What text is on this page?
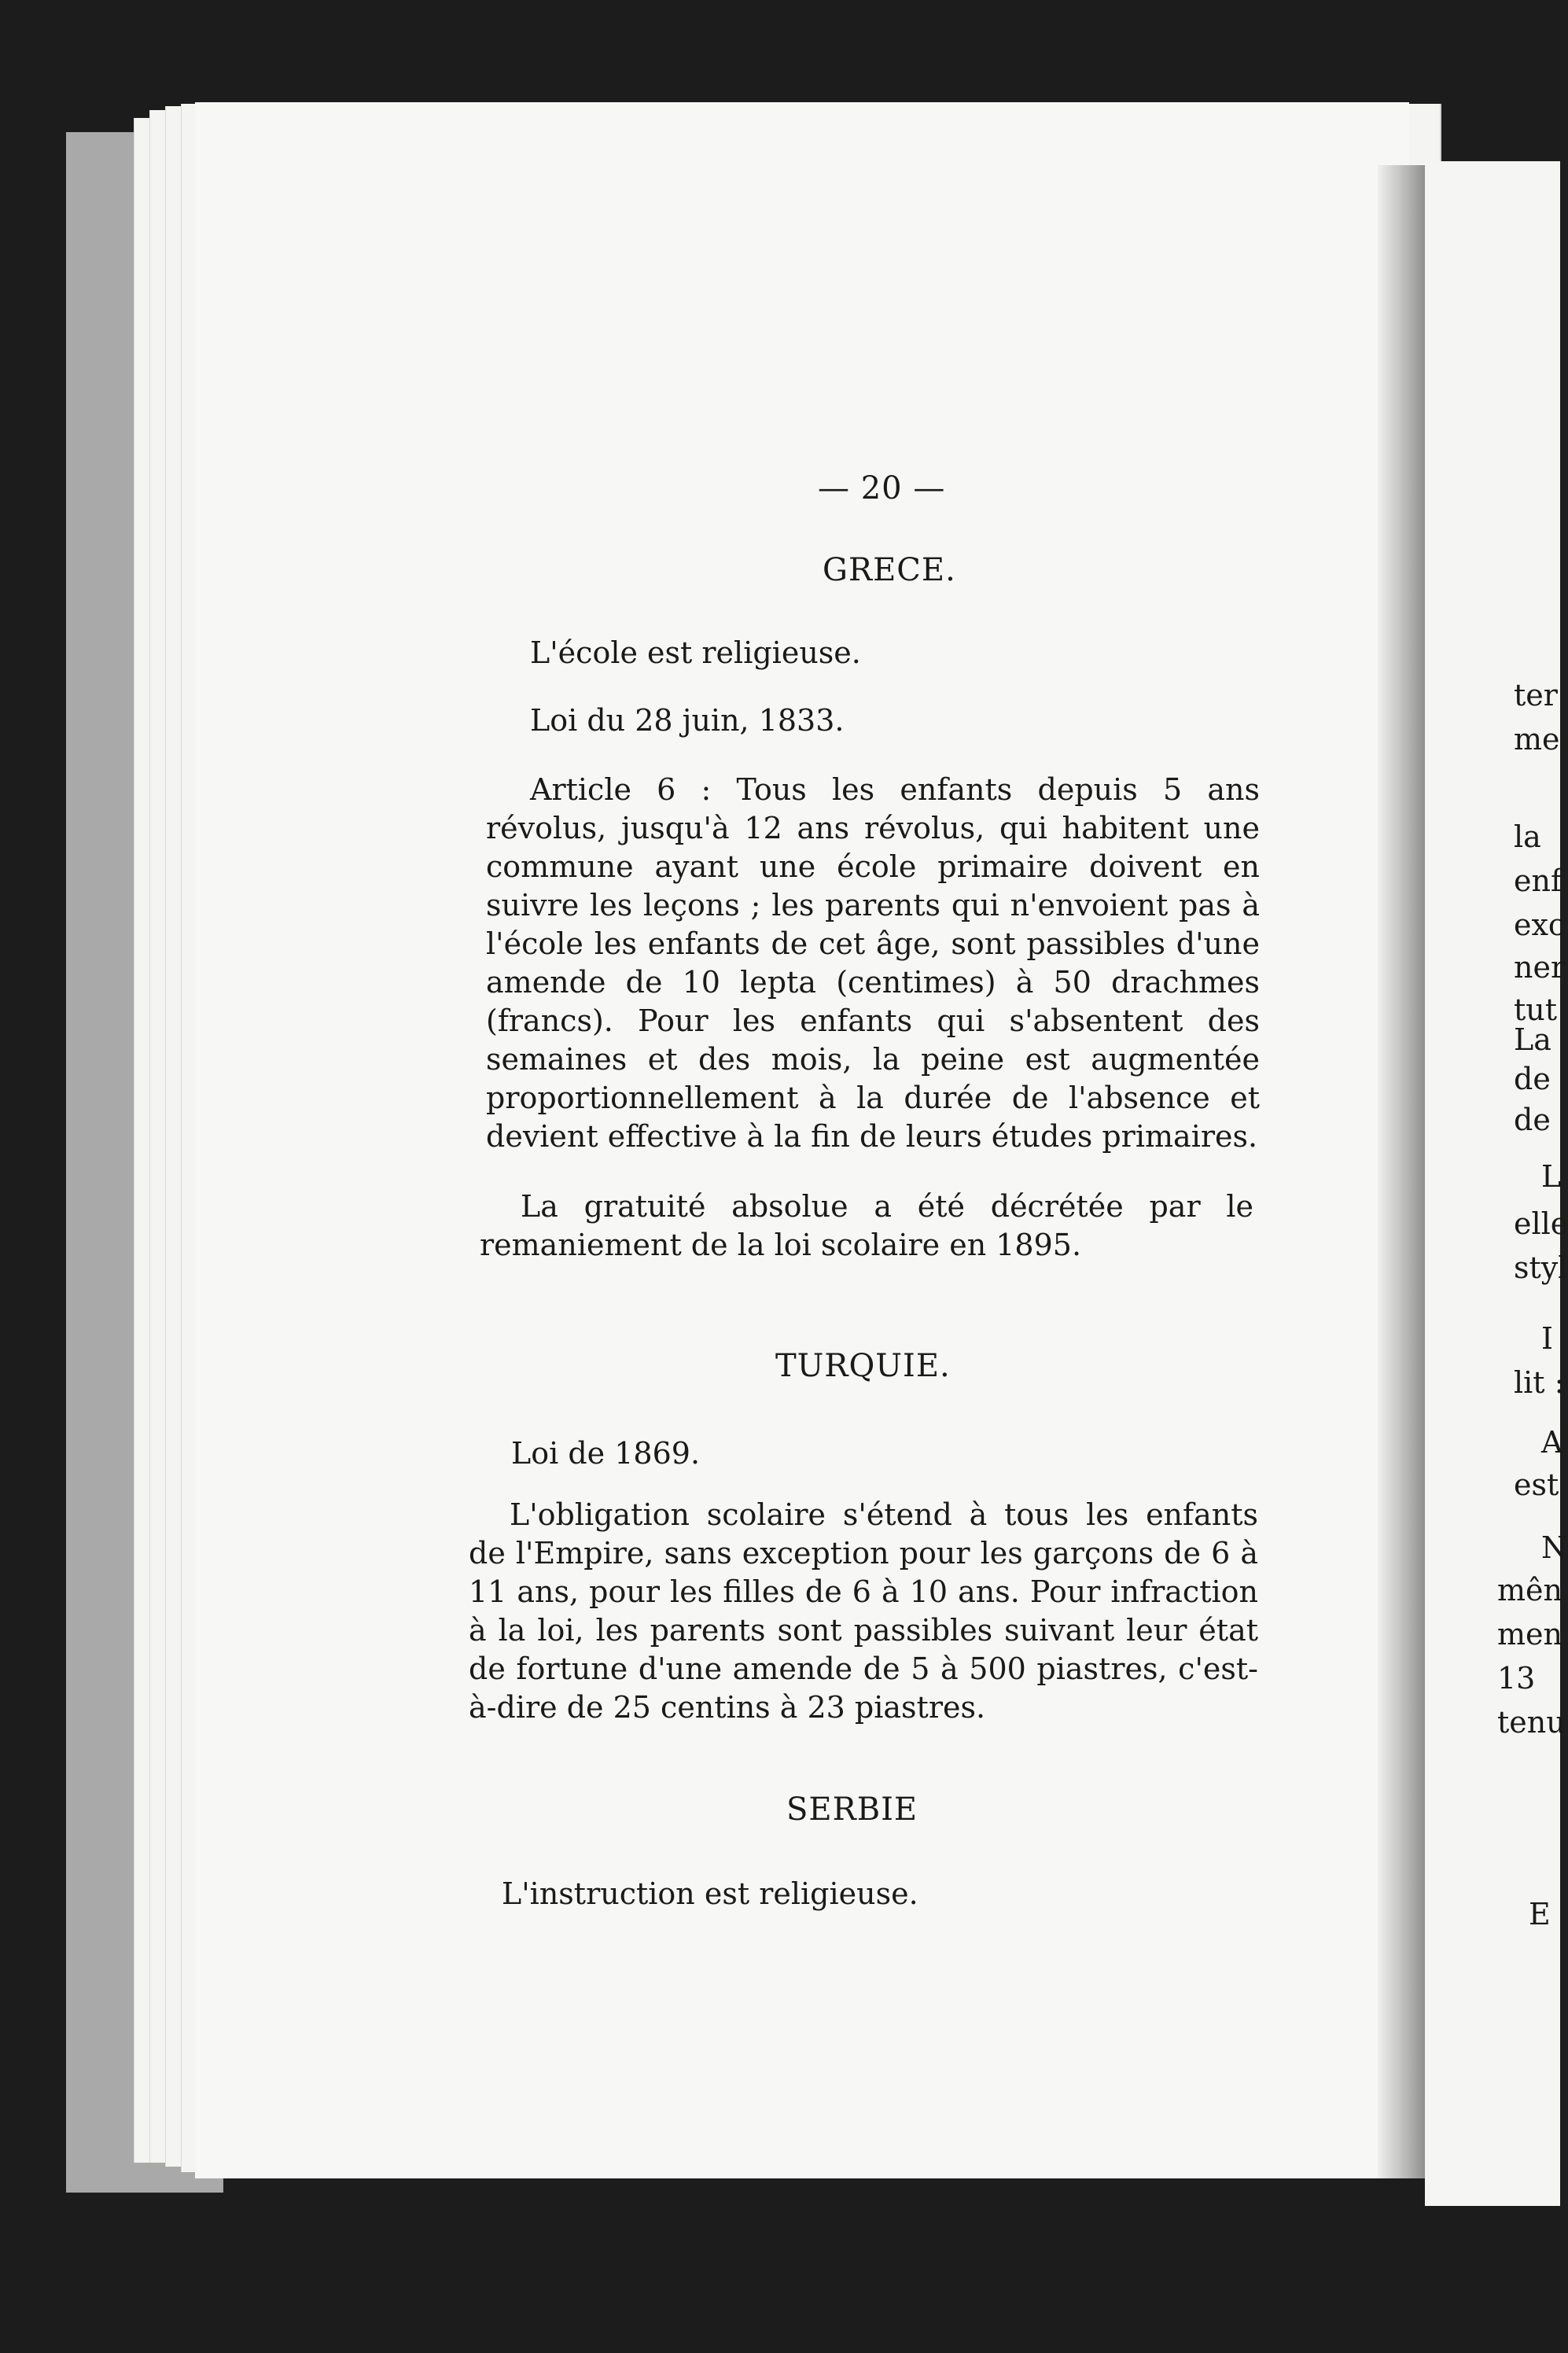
— 20 —
GRECE.
L'école est religieuse.
Loi du 28 juin, 1833.
Article 6 : Tous les enfants depuis 5 ans révolus, jusqu'à 12 ans révolus, qui habitent une commune ayant une école primaire doivent en suivre les leçons ; les parents qui n'envoient pas à l'école les enfants de cet âge, sont passibles d'une amende de 10 lepta (centimes) à 50 drachmes (francs). Pour les enfants qui s'absentent des semaines et des mois, la peine est augmentée proportionnellement à la durée de l'absence et devient effective à la fin de leurs études primaires.
La gratuité absolue a été décrétée par le remaniement de la loi scolaire en 1895.
TURQUIE.
Loi de 1869.
L'obligation scolaire s'étend à tous les enfants de l'Empire, sans exception pour les garçons de 6 à 11 ans, pour les filles de 6 à 10 ans. Pour infraction à la loi, les parents sont passibles suivant leur état de fortune d'une amende de 5 à 500 piastres, c'est-à-dire de 25 centins à 23 piastres.
SERBIE
L'instruction est religieuse.
ter
me
la
enf
exc
ner
tut
La
de
de
L
elle
styl
I
lit :
A
est
N
mên
men
13
tenu
E
